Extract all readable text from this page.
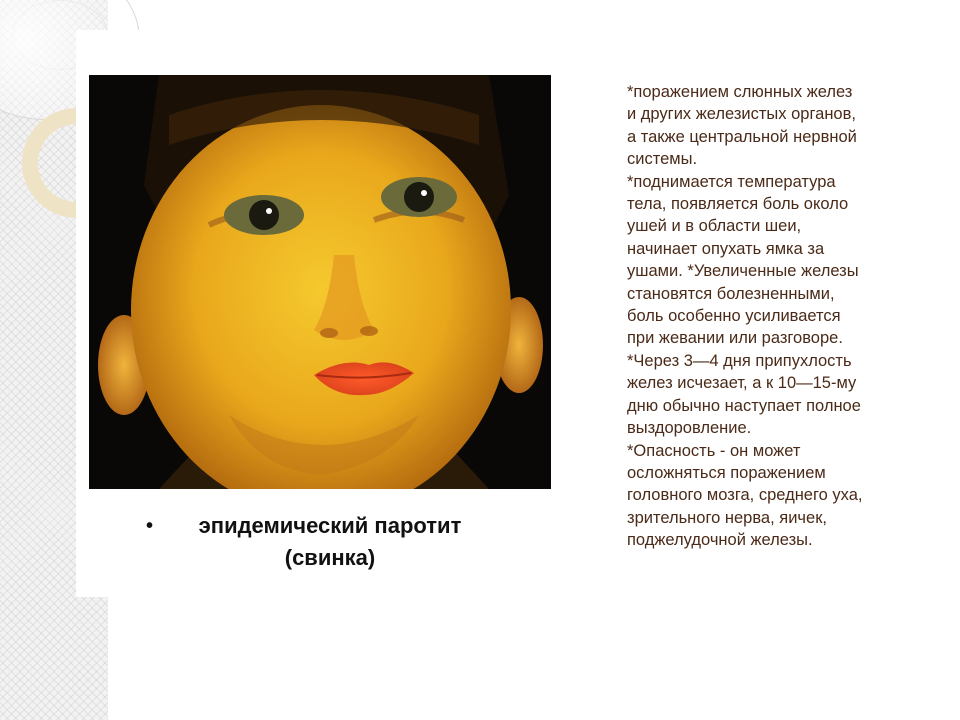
•	эпидемический паротит
(свинка)
*поражением слюнных желез
и других железистых органов,
а также центральной нервной
системы.
*поднимается температура
тела, появляется боль около
ушей и в области шеи,
начинает опухать ямка за
ушами. *Увеличенные железы
становятся болезненными,
боль особенно усиливается
при жевании или разговоре.
*Через 3—4 дня припухлость
желез исчезает, а к 10—15-му
дню обычно наступает полное
выздоровление.
*Опасность - он может
осложняться поражением
головного мозга, среднего уха,
зрительного нерва, яичек,
поджелудочной железы.
